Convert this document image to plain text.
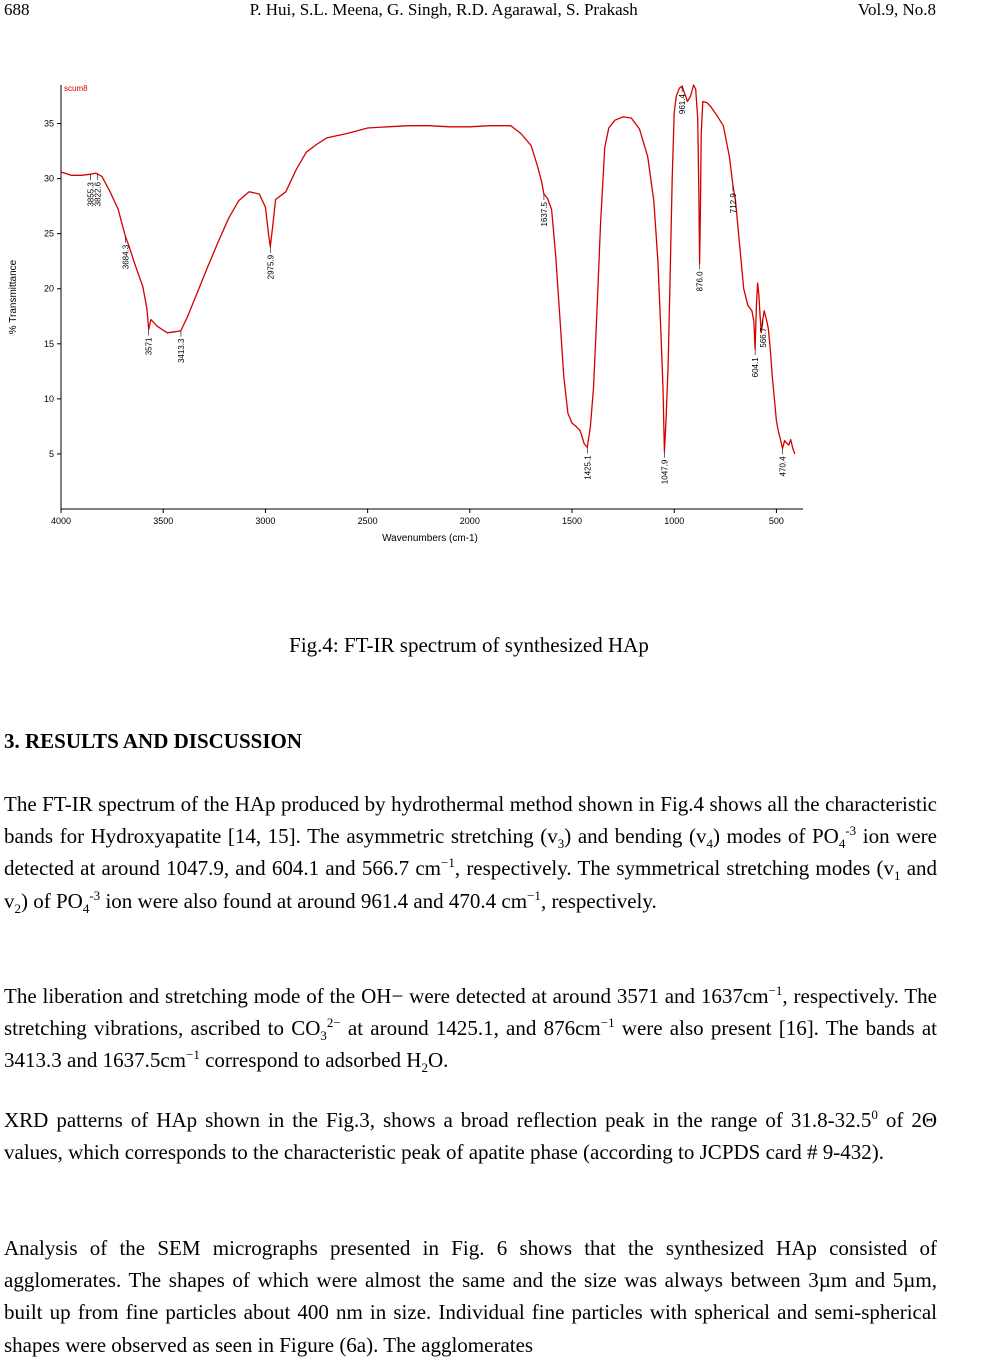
688	P. Hui, S.L. Meena, G. Singh, R.D. Agarawal, S. Prakash	Vol.9, No.8
4000	3500	3000	2500	2000	1500	1000	500
5
10
15
20
25
30
35
3855.3
3822.6
3684.3
3571	3413.3
2975.9
1637.5
1425.1	1047.9
961.4
876.0
712.9
604.1
566.7
470.4
scum8
Wavenumbers (cm-1)
% Transmittance
Fig.4: FT-IR spectrum of synthesized HAp
3. RESULTS AND DISCUSSION

The FT-IR spectrum of the HAp produced by hydrothermal method shown in Fig.4 shows all the characteristic bands for Hydroxyapatite [14, 15]. The asymmetric stretching $(v_3)$ and bending $(v_4)$ modes of $PO_4^{-3}$ ion were detected at around 1047.9, and 604.1 and 566.7 $cm^{-1}$, respectively. The symmetrical stretching modes ($v_1$ and $v_2$) of $PO_4^{-3}$ ion were also found at around 961.4 and 470.4 $cm^{-1}$, respectively.

The liberation and stretching mode of the OH− were detected at around 3571 and $1637cm^{-1}$, respectively. The stretching vibrations, ascribed to $CO_3^{2-}$ at around 1425.1, and $876cm^{-1}$ were also present [16]. The bands at 3413.3 and $1637.5cm^{-1}$ correspond to adsorbed $H_2O$.

XRD patterns of HAp shown in the Fig.3, shows a broad reflection peak in the range of 31.8-32.5$^0$ of 2Θ values, which corresponds to the characteristic peak of apatite phase (according to JCPDS card # 9-432).

Analysis of the SEM micrographs presented in Fig. 6 shows that the synthesized HAp consisted of agglomerates. The shapes of which were almost the same and the size was always between 3µm and 5µm, built up from fine particles about 400 nm in size. Individual fine particles with spherical and semi-spherical shapes were observed as seen in Figure (6a). The agglomerates
